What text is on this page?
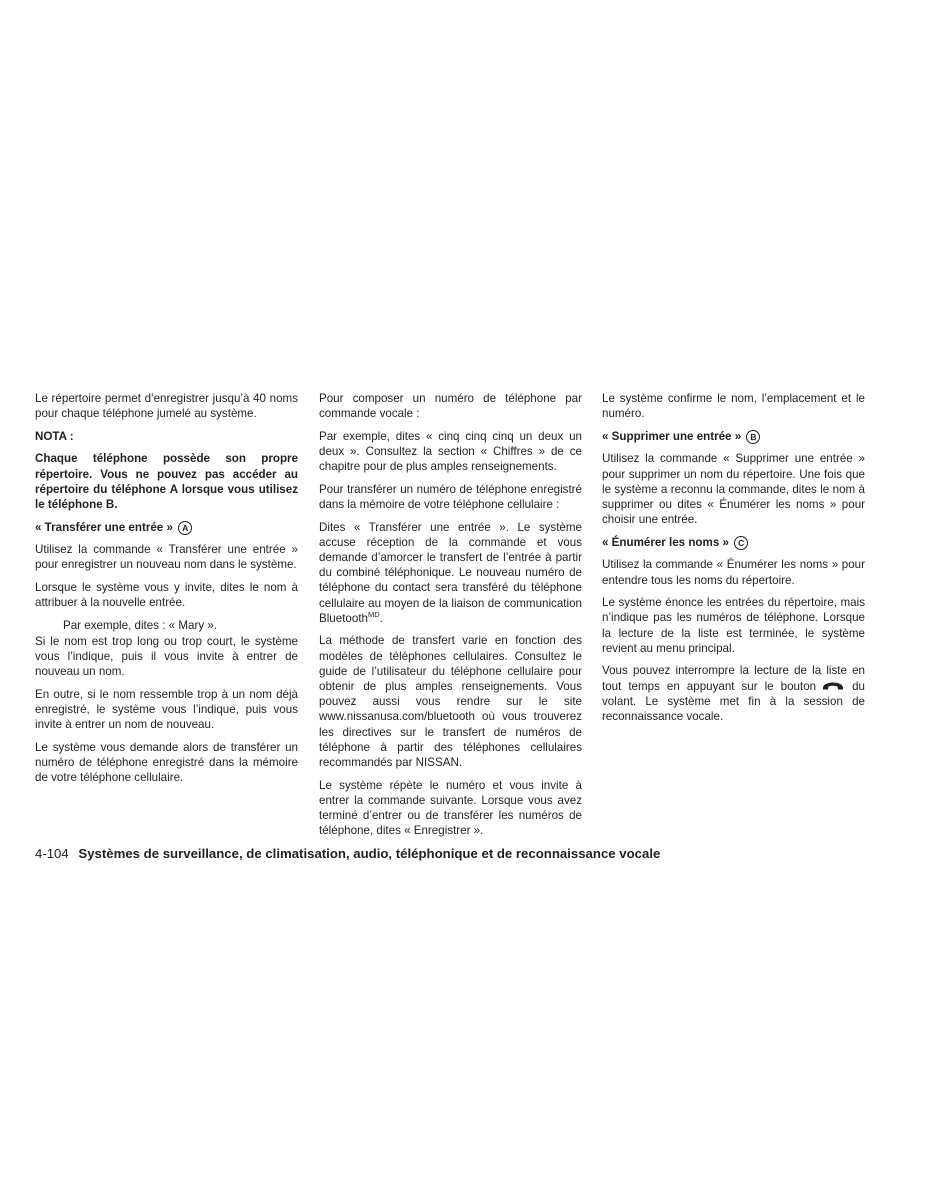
Le répertoire permet d’enregistrer jusqu’à 40 noms pour chaque téléphone jumelé au système.

NOTA :

Chaque téléphone possède son propre répertoire. Vous ne pouvez pas accéder au répertoire du téléphone A lorsque vous utilisez le téléphone B.

« Transférer une entrée » A

Utilisez la commande « Transférer une entrée » pour enregistrer un nouveau nom dans le système.

Lorsque le système vous y invite, dites le nom à attribuer à la nouvelle entrée.

Par exemple, dites : « Mary ».

Si le nom est trop long ou trop court, le système vous l’indique, puis il vous invite à entrer de nouveau un nom.

En outre, si le nom ressemble trop à un nom déjà enregistré, le système vous l’indique, puis vous invite à entrer un nom de nouveau.

Le système vous demande alors de transférer un numéro de téléphone enregistré dans la mémoire de votre téléphone cellulaire.

Pour composer un numéro de téléphone par commande vocale :

Par exemple, dites « cinq cinq cinq un deux un deux ». Consultez la section « Chiffres » de ce chapitre pour de plus amples renseignements.

Pour transférer un numéro de téléphone enregistré dans la mémoire de votre téléphone cellulaire :

Dites « Transférer une entrée ». Le système accuse réception de la commande et vous demande d’amorcer le transfert de l’entrée à partir du combiné téléphonique. Le nouveau numéro de téléphone du contact sera transféré du téléphone cellulaire au moyen de la liaison de communication Bluetooth$^{MD}$.

La méthode de transfert varie en fonction des modèles de téléphones cellulaires. Consultez le guide de l’utilisateur du téléphone cellulaire pour obtenir de plus amples renseignements. Vous pouvez aussi vous rendre sur le site www.nissanusa.com/bluetooth où vous trouverez les directives sur le transfert de numéros de téléphone à partir des téléphones cellulaires recommandés par NISSAN.

Le système répète le numéro et vous invite à entrer la commande suivante. Lorsque vous avez terminé d’entrer ou de transférer les numéros de téléphone, dites « Enregistrer ».

Le système confirme le nom, l’emplacement et le numéro.

« Supprimer une entrée » B

Utilisez la commande « Supprimer une entrée » pour supprimer un nom du répertoire. Une fois que le système a reconnu la commande, dites le nom à supprimer ou dites « Énumérer les noms » pour choisir une entrée.

« Énumérer les noms » C

Utilisez la commande « Énumérer les noms » pour entendre tous les noms du répertoire.

Le système énonce les entrées du répertoire, mais n’indique pas les numéros de téléphone. Lorsque la lecture de la liste est terminée, le système revient au menu principal.

Vous pouvez interrompre la lecture de la liste en tout temps en appuyant sur le bouton	du volant. Le système met fin à la session de reconnaissance vocale.

4-104 Systèmes de surveillance, de climatisation, audio, téléphonique et de reconnaissance vocale
